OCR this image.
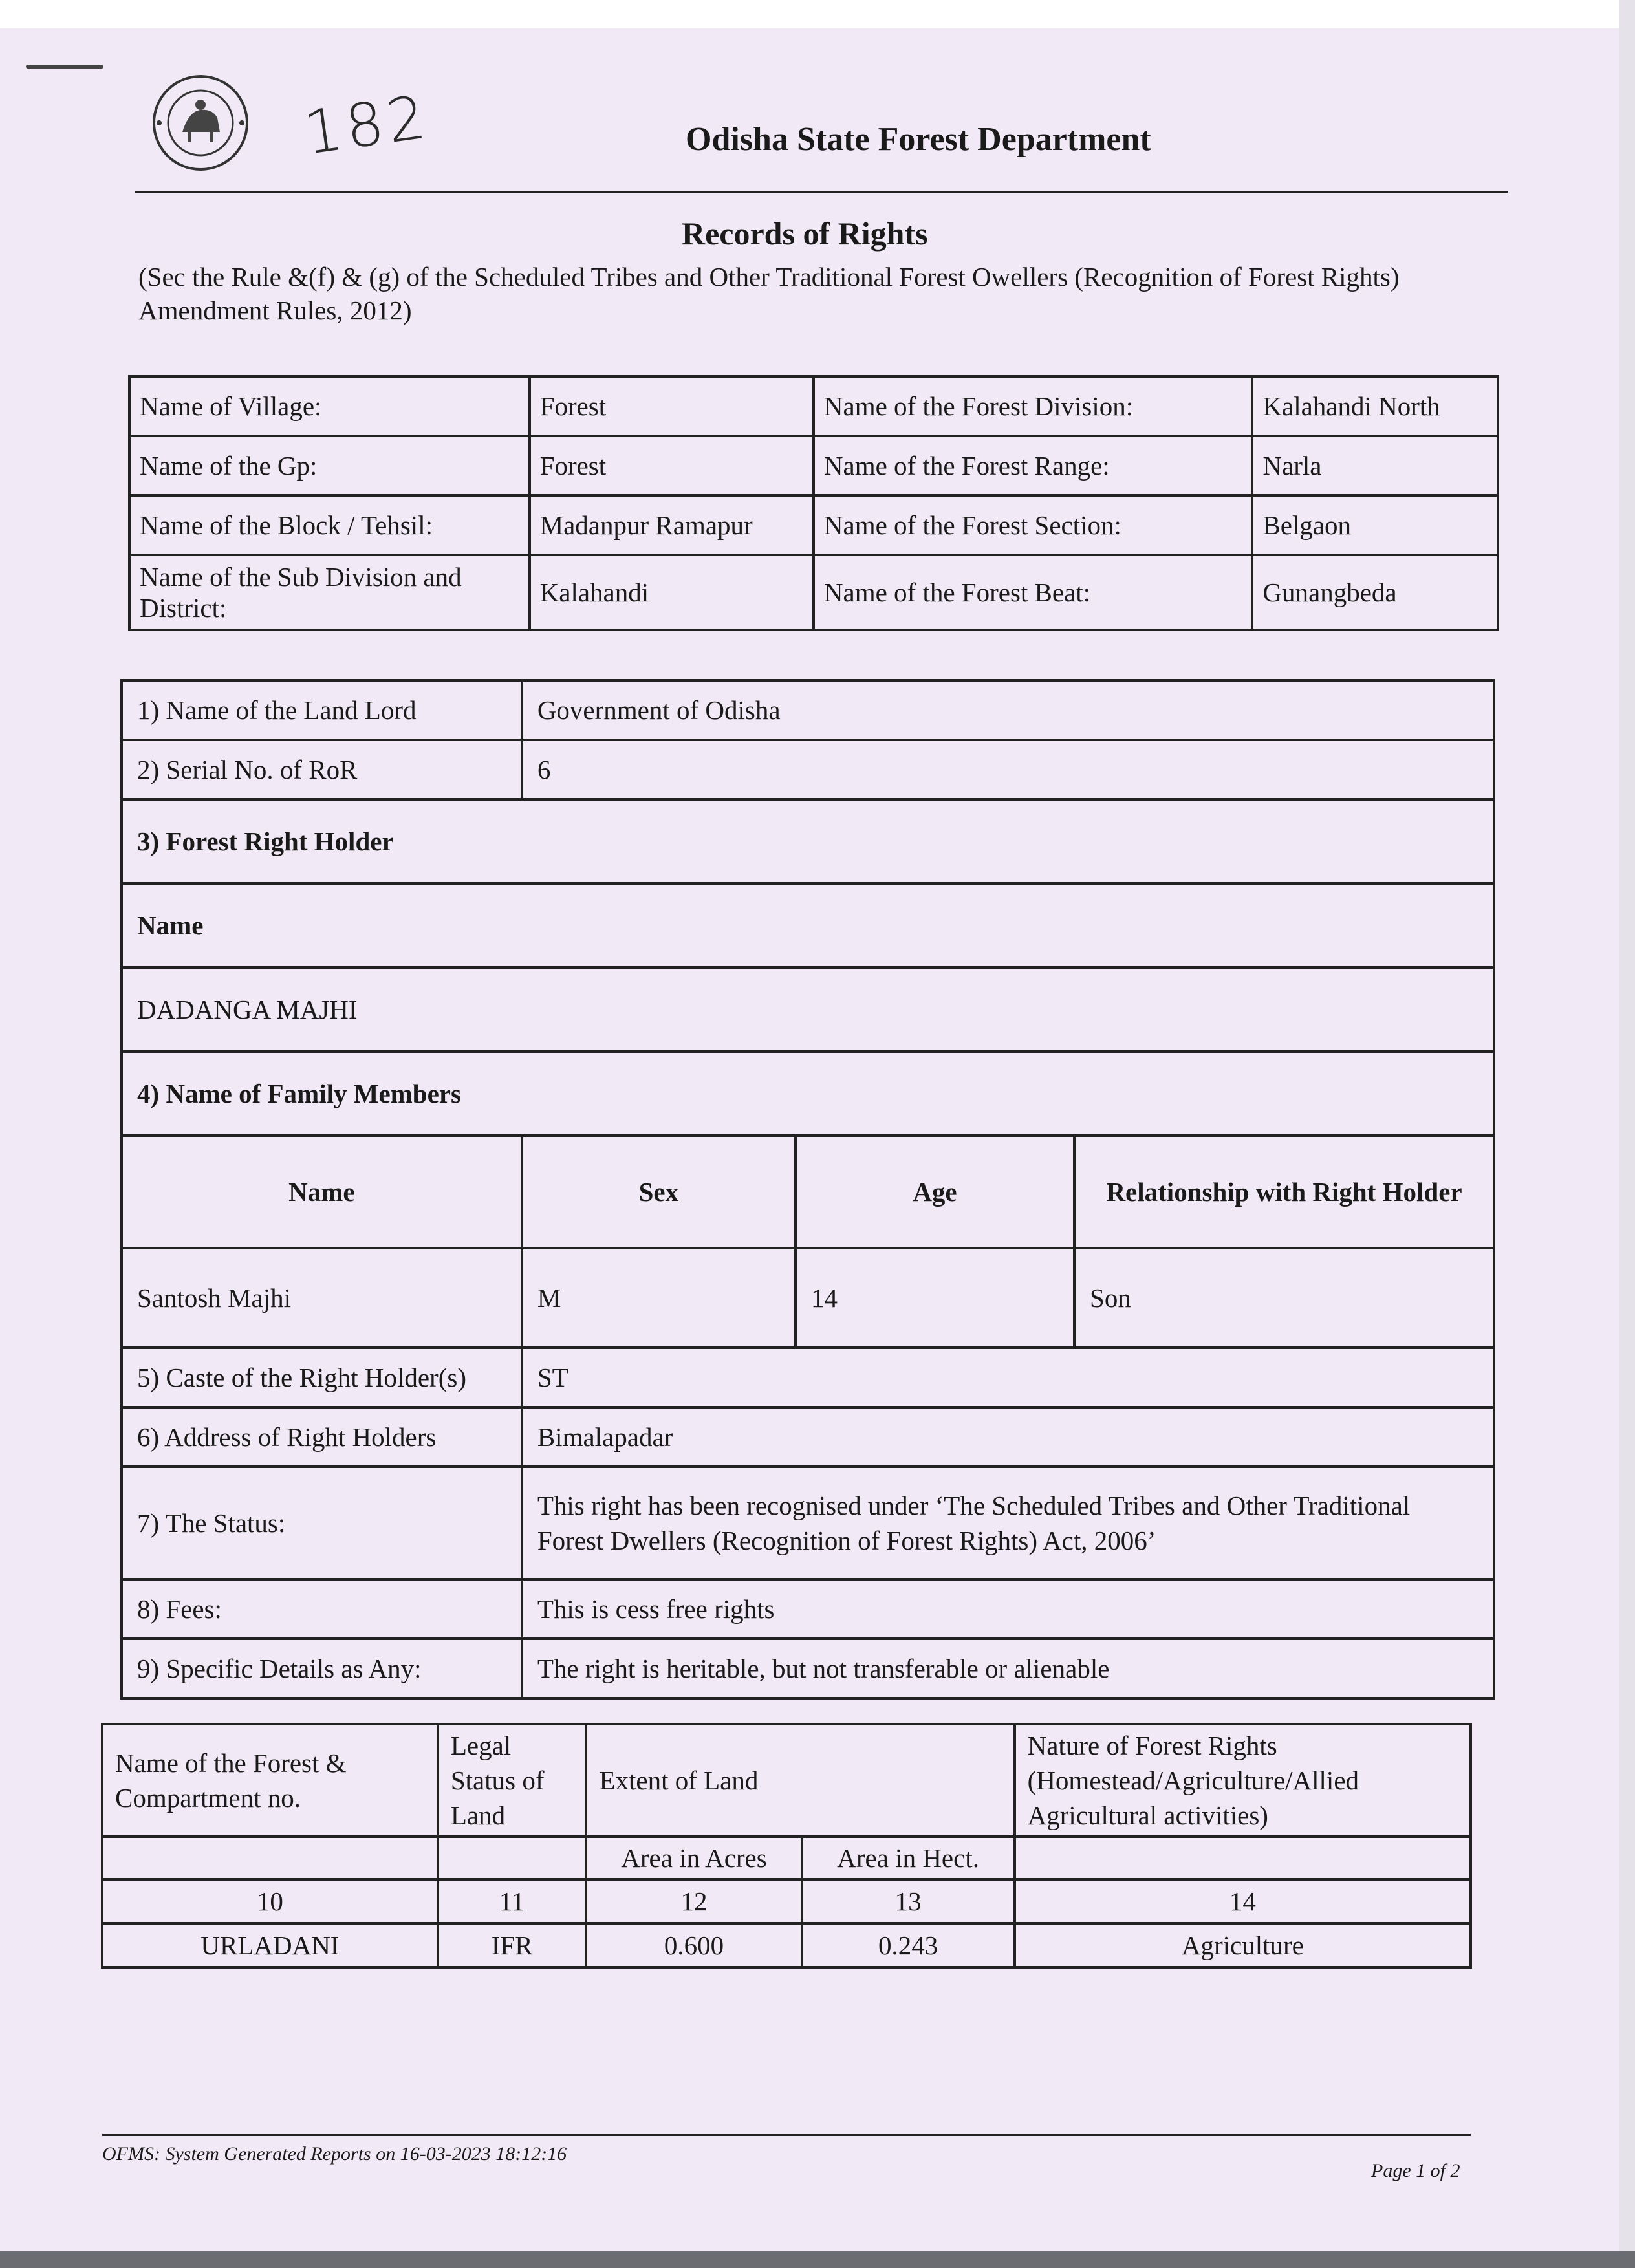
182	Odisha State Forest Department
Records of Rights
(Sec the Rule &(f) & (g) of the Scheduled Tribes and Other Traditional Forest Owellers (Recognition of Forest Rights) Amendment Rules, 2012)
Name of Village:	Forest	Name of the Forest Division:	Kalahandi North
Name of the Gp:	Forest	Name of the Forest Range:	Narla
Name of the Block / Tehsil:	Madanpur Ramapur	Name of the Forest Section:	Belgaon
Name of the Sub Division and District:	Kalahandi	Name of the Forest Beat:	Gunangbeda
1) Name of the Land Lord	Government of Odisha		
2) Serial No. of RoR	6		
3) Forest Right Holder			
Name			
DADANGA MAJHI			
4) Name of Family Members			
Name	Sex	Age	Relationship with Right Holder
Santosh Majhi	M	14	Son
5) Caste of the Right Holder(s)	ST		
6) Address of Right Holders	Bimalapadar		
7) The Status:	This right has been recognised under ‘The Scheduled Tribes and Other Traditional
Forest Dwellers (Recognition of Forest Rights) Act, 2006’		

8) Fees:	This is cess free rights		
9) Specific Details as Any:	The right is heritable, but not transferable or alienable		
Name of the Forest & Compartment no.	Legal Status of Land	Extent of Land		Nature of Forest Rights (Homestead/Agriculture/Allied Agricultural activities)
		Area in Acres	Area in Hect.	
10	11	12	13	14
URLADANI	IFR	0.600	0.243	Agriculture
OFMS: System Generated Reports on 16-03-2023 18:12:16
Page 1 of 2
